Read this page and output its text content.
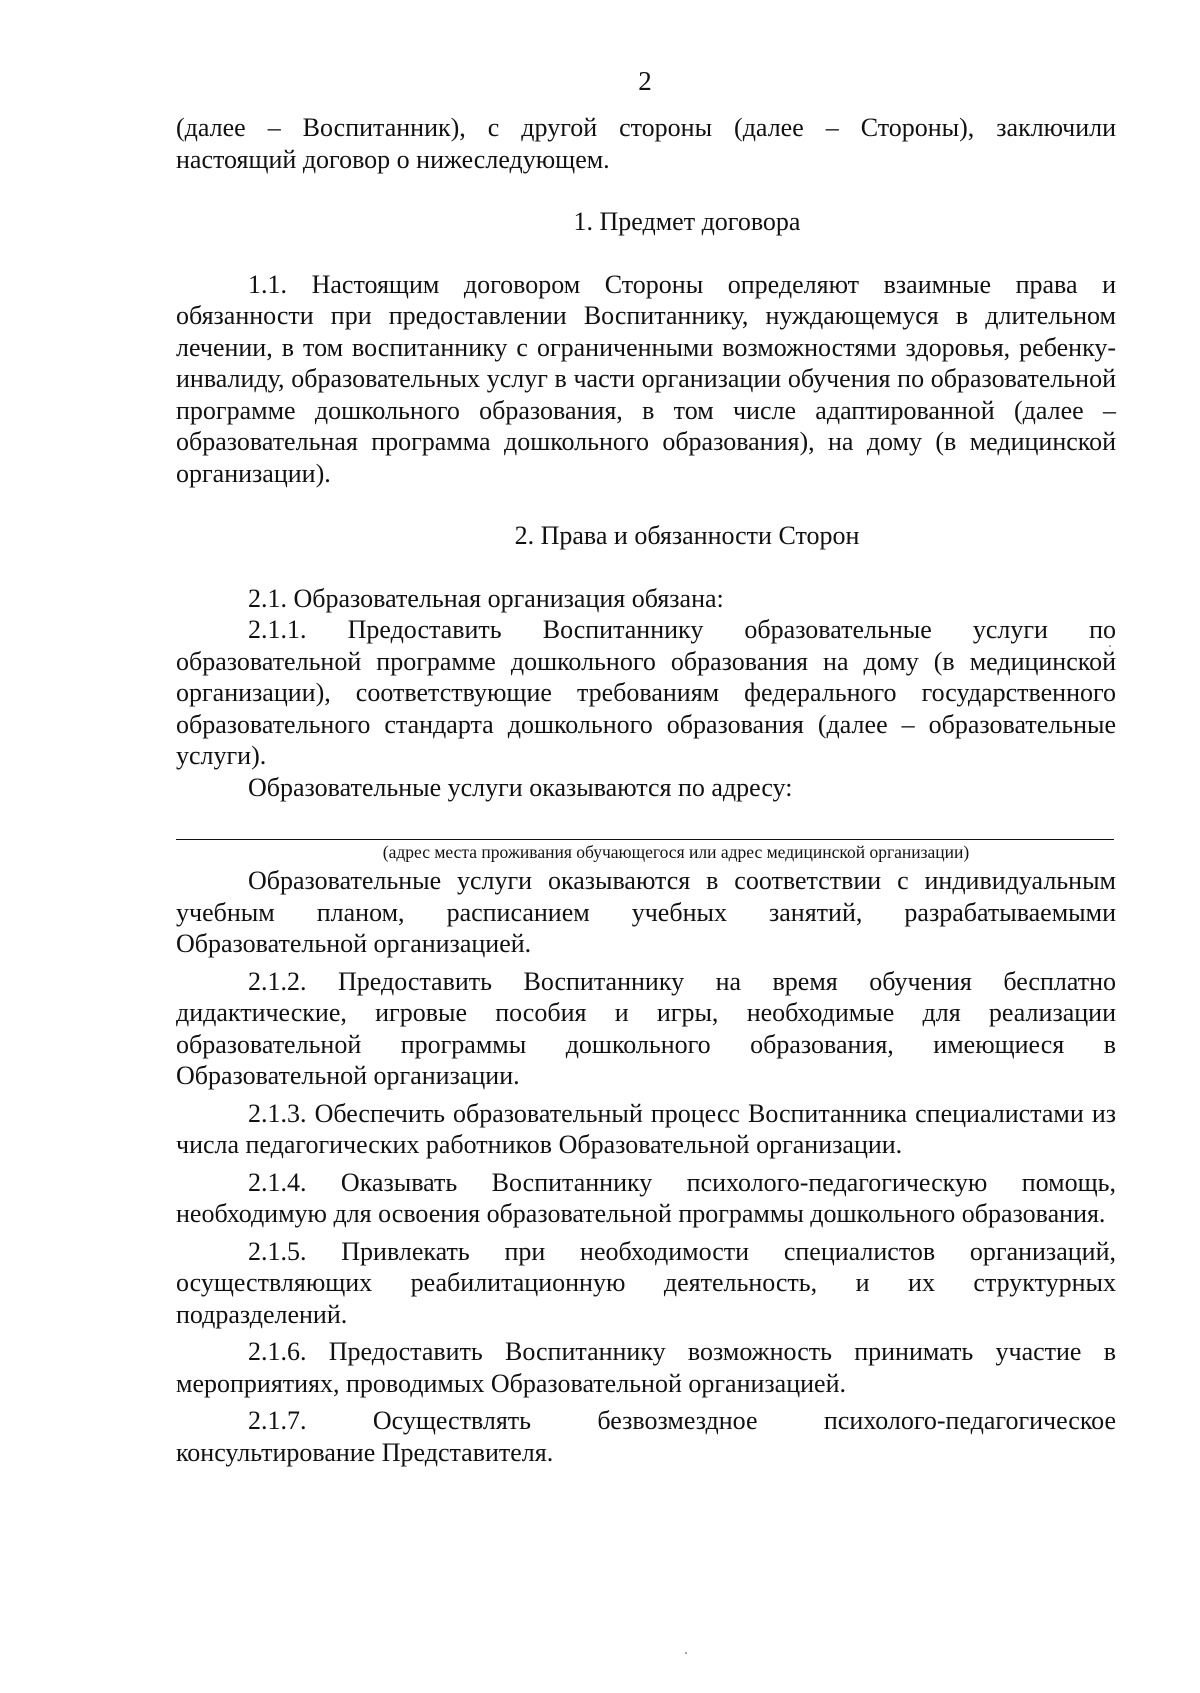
2

(далее – Воспитанник), с другой стороны (далее – Стороны), заключили

настоящий договор о нижеследующем.

1. Предмет договора

1.1. Настоящим договором Стороны определяют взаимные права и обязанности при предоставлении Воспитаннику, нуждающемуся в длительном лечении, в том воспитаннику с ограниченными возможностями здоровья, ребенку-инвалиду, образовательных услуг в части организации обучения по образовательной программе дошкольного образования, в том числе адаптированной (далее – образовательная программа дошкольного образования), на дому (в медицинской организации).

2. Права и обязанности Сторон

2.1. Образовательная организация обязана:

2.1.1. Предоставить Воспитаннику образовательные услуги по образовательной программе дошкольного образования на дому (в медицинской организации), соответствующие требованиям федерального государственного образовательного стандарта дошкольного образования (далее – образовательные услуги).

Образовательные услуги оказываются по адресу:

(адрес места проживания обучающегося или адрес медицинской организации)

Образовательные услуги оказываются в соответствии с индивидуальным учебным планом, расписанием учебных занятий, разрабатываемыми Образовательной организацией.

2.1.2. Предоставить Воспитаннику на время обучения бесплатно дидактические, игровые пособия и игры, необходимые для реализации образовательной программы дошкольного образования, имеющиеся в Образовательной организации.

2.1.3. Обеспечить образовательный процесс Воспитанника специалистами из числа педагогических работников Образовательной организации.

2.1.4. Оказывать Воспитаннику психолого-педагогическую помощь, необходимую для освоения образовательной программы дошкольного образования.

2.1.5. Привлекать при необходимости специалистов организаций, осуществляющих реабилитационную деятельность, и их структурных подразделений.

2.1.6. Предоставить Воспитаннику возможность принимать участие в мероприятиях, проводимых Образовательной организацией.

2.1.7. Осуществлять безвозмездное психолого-педагогическое консультирование Представителя.
